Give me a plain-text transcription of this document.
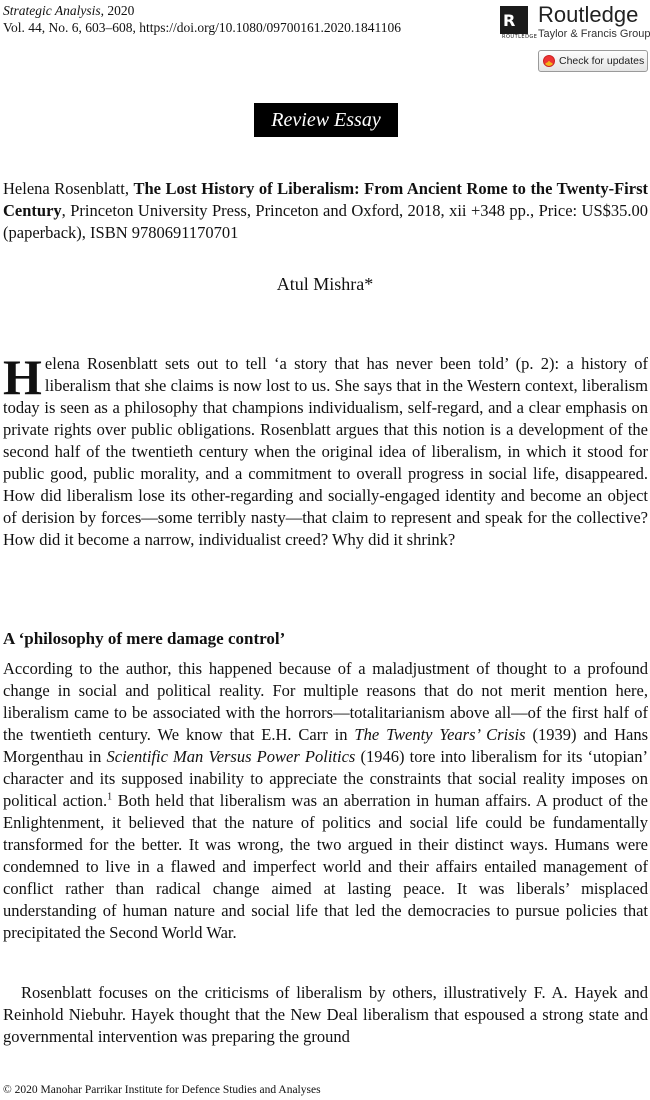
Strategic Analysis, 2020
Vol. 44, No. 6, 603–608, https://doi.org/10.1080/09700161.2020.1841106	R
ROUTLEDGE
Routledge
Taylor & Francis Group
Check for updates
Review Essay
Helena Rosenblatt, The Lost History of Liberalism: From Ancient Rome to the Twenty-First Century, Princeton University Press, Princeton and Oxford, 2018, xii +348 pp., Price: US$35.00 (paperback), ISBN 9780691170701
Atul Mishra*

Helena Rosenblatt sets out to tell ‘a story that has never been told’ (p. 2): a history of liberalism that she claims is now lost to us. She says that in the Western context, liberalism today is seen as a philosophy that champions individualism, self-regard, and a clear emphasis on private rights over public obligations. Rosenblatt argues that this notion is a development of the second half of the twentieth century when the original idea of liberalism, in which it stood for public good, public morality, and a commitment to overall progress in social life, disappeared. How did liberalism lose its other-regarding and socially-engaged identity and become an object of derision by forces—some terribly nasty—that claim to represent and speak for the collective? How did it become a narrow, individualist creed? Why did it shrink?

A ‘philosophy of mere damage control’

According to the author, this happened because of a maladjustment of thought to a profound change in social and political reality. For multiple reasons that do not merit mention here, liberalism came to be associated with the horrors—totalitarianism above all—of the first half of the twentieth century. We know that E.H. Carr in The Twenty Years’ Crisis (1939) and Hans Morgenthau in Scientific Man Versus Power Politics (1946) tore into liberalism for its ‘utopian’ character and its supposed inability to appreciate the constraints that social reality imposes on political action.$^1$ Both held that liberalism was an aberration in human affairs. A product of the Enlightenment, it believed that the nature of politics and social life could be fundamentally transformed for the better. It was wrong, the two argued in their distinct ways. Humans were condemned to live in a flawed and imperfect world and their affairs entailed management of conflict rather than radical change aimed at lasting peace. It was liberals’ misplaced understanding of human nature and social life that led the democracies to pursue policies that precipitated the Second World War.

Rosenblatt focuses on the criticisms of liberalism by others, illustratively F. A. Hayek and Reinhold Niebuhr. Hayek thought that the New Deal liberalism that espoused a strong state and governmental intervention was preparing the ground

© 2020 Manohar Parrikar Institute for Defence Studies and Analyses
